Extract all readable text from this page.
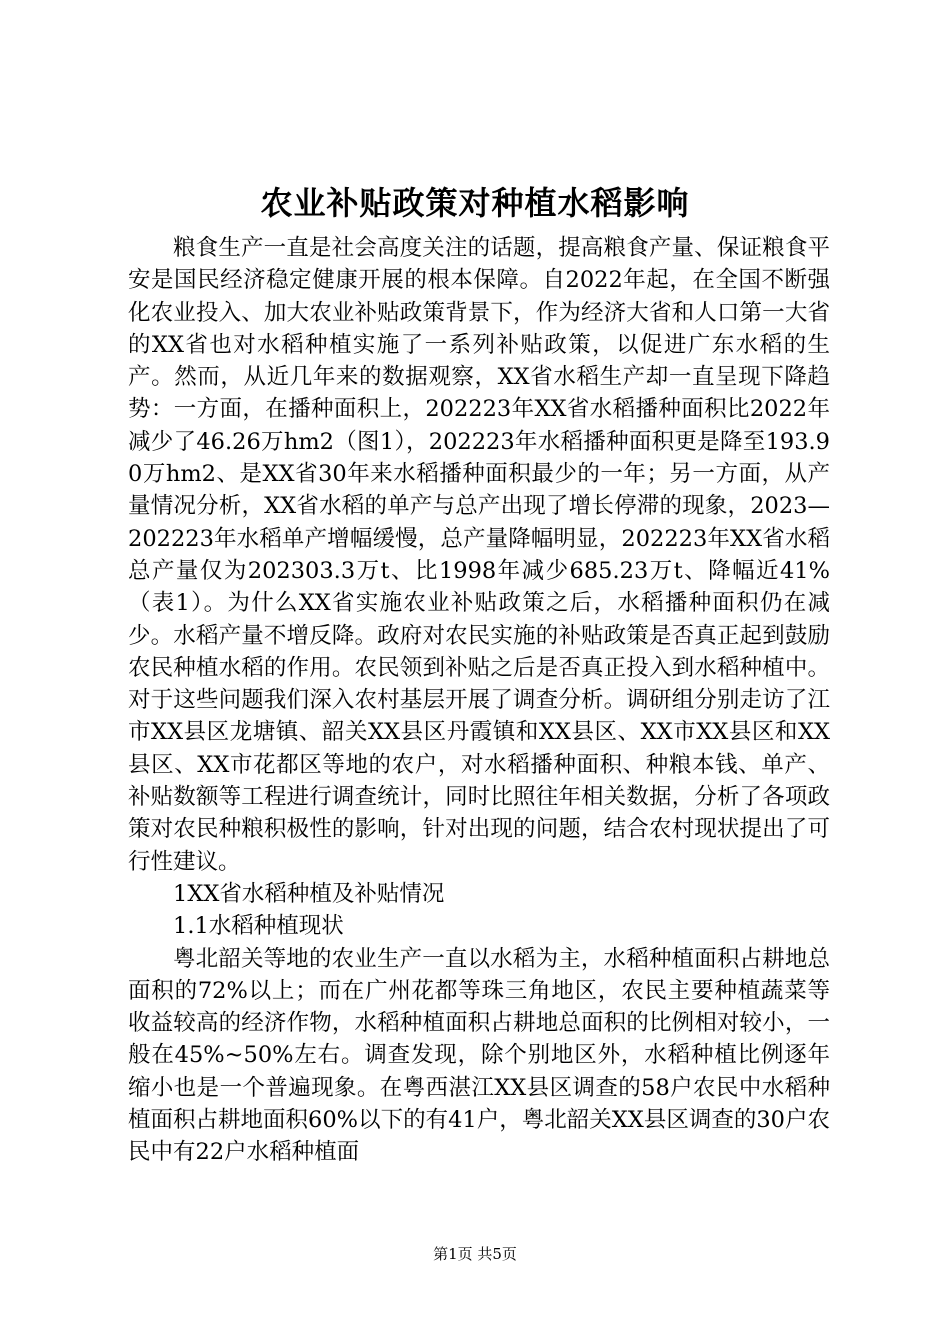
农业补贴政策对种植水稻影响

粮食生产一直是社会高度关注的话题，提高粮食产量、保证粮食平安是国民经济稳定健康开展的根本保障。自2022年起，在全国不断强化农业投入、加大农业补贴政策背景下，作为经济大省和人口第一大省的XX省也对水稻种植实施了一系列补贴政策，以促进广东水稻的生产。然而，从近几年来的数据观察，XX省水稻生产却一直呈现下降趋势：一方面，在播种面积上，202223年XX省水稻播种面积比2022年减少了46.26万hm2（图1），202223年水稻播种面积更是降至193.90万hm2、是XX省30年来水稻播种面积最少的一年；另一方面，从产量情况分析，XX省水稻的单产与总产出现了增长停滞的现象，2023—202223年水稻单产增幅缓慢，总产量降幅明显，202223年XX省水稻总产量仅为202303.3万t、比1998年减少685.23万t、降幅近41%（表1）。为什么XX省实施农业补贴政策之后，水稻播种面积仍在减少。水稻产量不增反降。政府对农民实施的补贴政策是否真正起到鼓励农民种植水稻的作用。农民领到补贴之后是否真正投入到水稻种植中。对于这些问题我们深入农村基层开展了调查分析。调研组分别走访了江市XX县区龙塘镇、韶关XX县区丹霞镇和XX县区、XX市XX县区和XX县区、XX市花都区等地的农户，对水稻播种面积、种粮本钱、单产、补贴数额等工程进行调查统计，同时比照往年相关数据，分析了各项政策对农民种粮积极性的影响，针对出现的问题，结合农村现状提出了可行性建议。

1XX省水稻种植及补贴情况

1.1水稻种植现状

粤北韶关等地的农业生产一直以水稻为主，水稻种植面积占耕地总面积的72%以上；而在广州花都等珠三角地区，农民主要种植蔬菜等收益较高的经济作物，水稻种植面积占耕地总面积的比例相对较小，一般在45%~50%左右。调查发现，除个别地区外，水稻种植比例逐年缩小也是一个普遍现象。在粤西湛江XX县区调查的58户农民中水稻种植面积占耕地面积60%以下的有41户，粤北韶关XX县区调查的30户农民中有22户水稻种植面

第1页 共5页
